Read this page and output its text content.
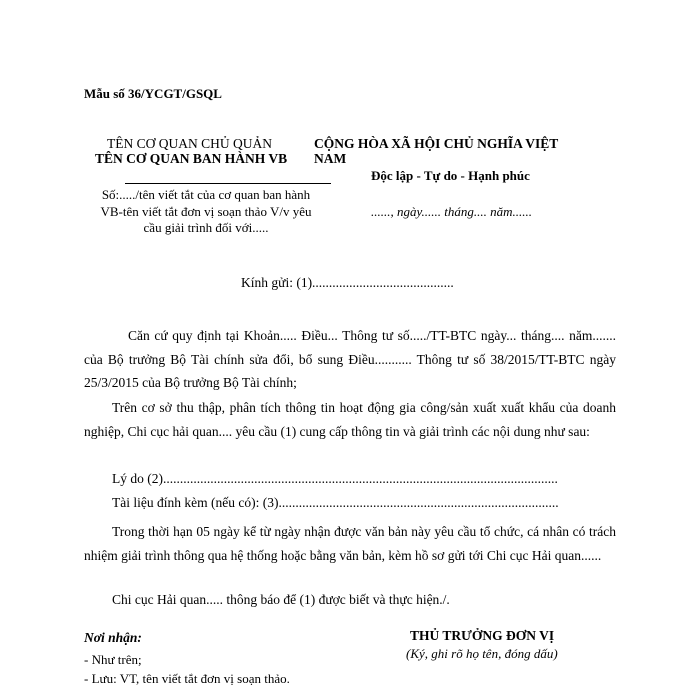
Mẫu số 36/YCGT/GSQL
TÊN CƠ QUAN CHỦ QUẢN
TÊN CƠ QUAN BAN HÀNH VB
CỘNG HÒA XÃ HỘI CHỦ NGHĨA VIỆT
NAM
Độc lập - Tự do - Hạnh phúc
Số:...../tên viết tắt của cơ quan ban hành VB-tên viết tắt đơn vị soạn thảo V/v yêu cầu giải trình đối với.....
......, ngày...... tháng.... năm......
Kính gửi: (1)..........................................
Căn cứ quy định tại Khoản..... Điều... Thông tư số...../TT-BTC ngày... tháng.... năm....... của Bộ trưởng Bộ Tài chính sửa đổi, bổ sung Điều........... Thông tư số 38/2015/TT-BTC ngày 25/3/2015 của Bộ trưởng Bộ Tài chính;
Trên cơ sở thu thập, phân tích thông tin hoạt động gia công/sản xuất xuất khẩu của doanh nghiệp, Chi cục hải quan.... yêu cầu (1) cung cấp thông tin và giải trình các nội dung như sau:
Lý do (2).....................................................................................................................
Tài liệu đính kèm (nếu có): (3)...................................................................................
Trong thời hạn 05 ngày kể từ ngày nhận được văn bản này yêu cầu tổ chức, cá nhân có trách nhiệm giải trình thông qua hệ thống hoặc bằng văn bản, kèm hồ sơ gửi tới Chi cục Hải quan......
Chi cục Hải quan..... thông báo để (1) được biết và thực hiện./.
Nơi nhận:
- Như trên;
- Lưu: VT, tên viết tắt đơn vị soạn thảo.
THỦ TRƯỞNG ĐƠN VỊ
(Ký, ghi rõ họ tên, đóng dấu)
